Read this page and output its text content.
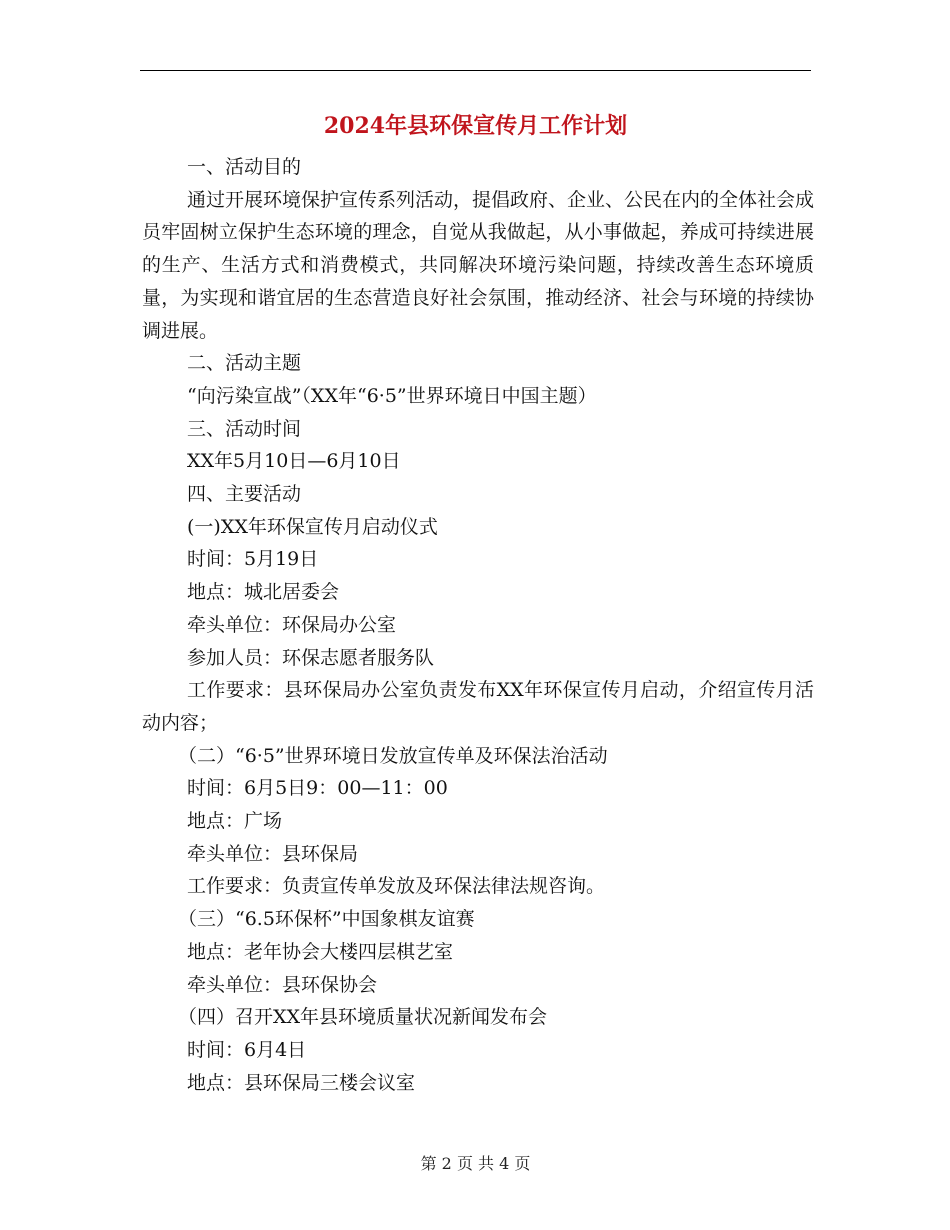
2024年县环保宣传月工作计划

一、活动目的

通过开展环境保护宣传系列活动，提倡政府、企业、公民在内的全体社会成员牢固树立保护生态环境的理念，自觉从我做起，从小事做起，养成可持续进展的生产、生活方式和消费模式，共同解决环境污染问题，持续改善生态环境质量，为实现和谐宜居的生态营造良好社会氛围，推动经济、社会与环境的持续协调进展。

二、活动主题

“向污染宣战”（XX年“6·5”世界环境日中国主题）

三、活动时间

XX年5月10日—6月10日

四、主要活动

(一)XX年环保宣传月启动仪式

时间：5月19日

地点：城北居委会

牵头单位：环保局办公室

参加人员：环保志愿者服务队

工作要求：县环保局办公室负责发布XX年环保宣传月启动，介绍宣传月活动内容；

（二）“6·5”世界环境日发放宣传单及环保法治活动

时间：6月5日9：00—11：00

地点：广场

牵头单位：县环保局

工作要求：负责宣传单发放及环保法律法规咨询。

（三）“6.5环保杯”中国象棋友谊赛

地点：老年协会大楼四层棋艺室

牵头单位：县环保协会

（四）召开XX年县环境质量状况新闻发布会

时间：6月4日

地点：县环保局三楼会议室

第 2 页 共 4 页
